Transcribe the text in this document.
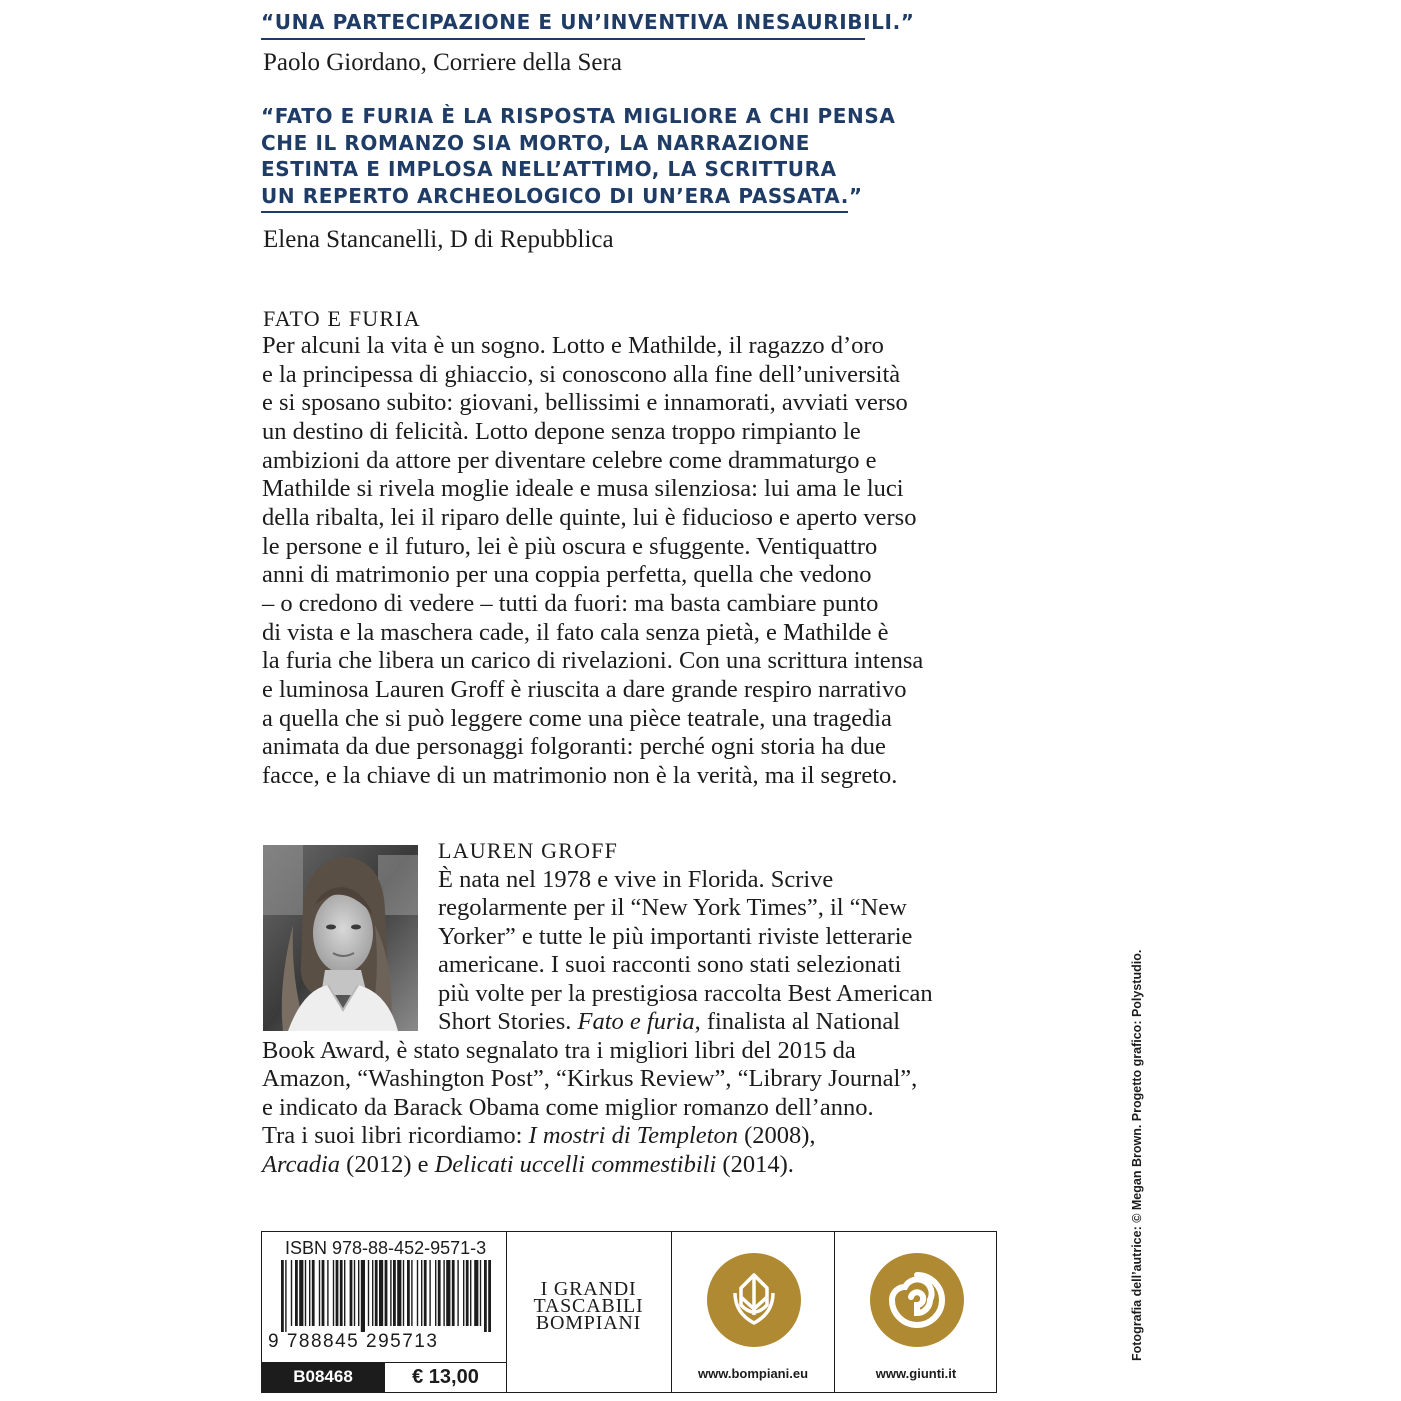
“UNA PARTECIPAZIONE E UN’INVENTIVA INESAURIBILI.”
Paolo Giordano, Corriere della Sera
“FATO E FURIA È LA RISPOSTA MIGLIORE A CHI PENSA
CHE IL ROMANZO SIA MORTO, LA NARRAZIONE
ESTINTA E IMPLOSA NELL’ATTIMO, LA SCRITTURA
UN REPERTO ARCHEOLOGICO DI UN’ERA PASSATA.”
Elena Stancanelli, D di Repubblica
FATO E FURIA
Per alcuni la vita è un sogno. Lotto e Mathilde, il ragazzo d’oro
e la principessa di ghiaccio, si conoscono alla fine dell’università
e si sposano subito: giovani, bellissimi e innamorati, avviati verso
un destino di felicità. Lotto depone senza troppo rimpianto le
ambizioni da attore per diventare celebre come drammaturgo e
Mathilde si rivela moglie ideale e musa silenziosa: lui ama le luci
della ribalta, lei il riparo delle quinte, lui è fiducioso e aperto verso
le persone e il futuro, lei è più oscura e sfuggente. Ventiquattro
anni di matrimonio per una coppia perfetta, quella che vedono
– o credono di vedere – tutti da fuori: ma basta cambiare punto
di vista e la maschera cade, il fato cala senza pietà, e Mathilde è
la furia che libera un carico di rivelazioni. Con una scrittura intensa
e luminosa Lauren Groff è riuscita a dare grande respiro narrativo
a quella che si può leggere come una pièce teatrale, una tragedia
animata da due personaggi folgoranti: perché ogni storia ha due
facce, e la chiave di un matrimonio non è la verità, ma il segreto.
LAUREN GROFF
È nata nel 1978 e vive in Florida. Scrive
regolarmente per il “New York Times”, il “New
Yorker” e tutte le più importanti riviste letterarie
americane. I suoi racconti sono stati selezionati
più volte per la prestigiosa raccolta Best American
Short Stories. Fato e furia, finalista al National
Book Award, è stato segnalato tra i migliori libri del 2015 da
Amazon, “Washington Post”, “Kirkus Review”, “Library Journal”,
e indicato da Barack Obama come miglior romanzo dell’anno.
Tra i suoi libri ricordiamo: I mostri di Templeton (2008),
Arcadia (2012) e Delicati uccelli commestibili (2014).
ISBN 978-88-452-9571-3
9 788845 295713
B08468	€ 13,00
I GRANDI
TASCABILI
BOMPIANI
www.bompiani.eu	www.giunti.it
Fotografia dell’autrice: © Megan Brown. Progetto grafico: Polystudio.
